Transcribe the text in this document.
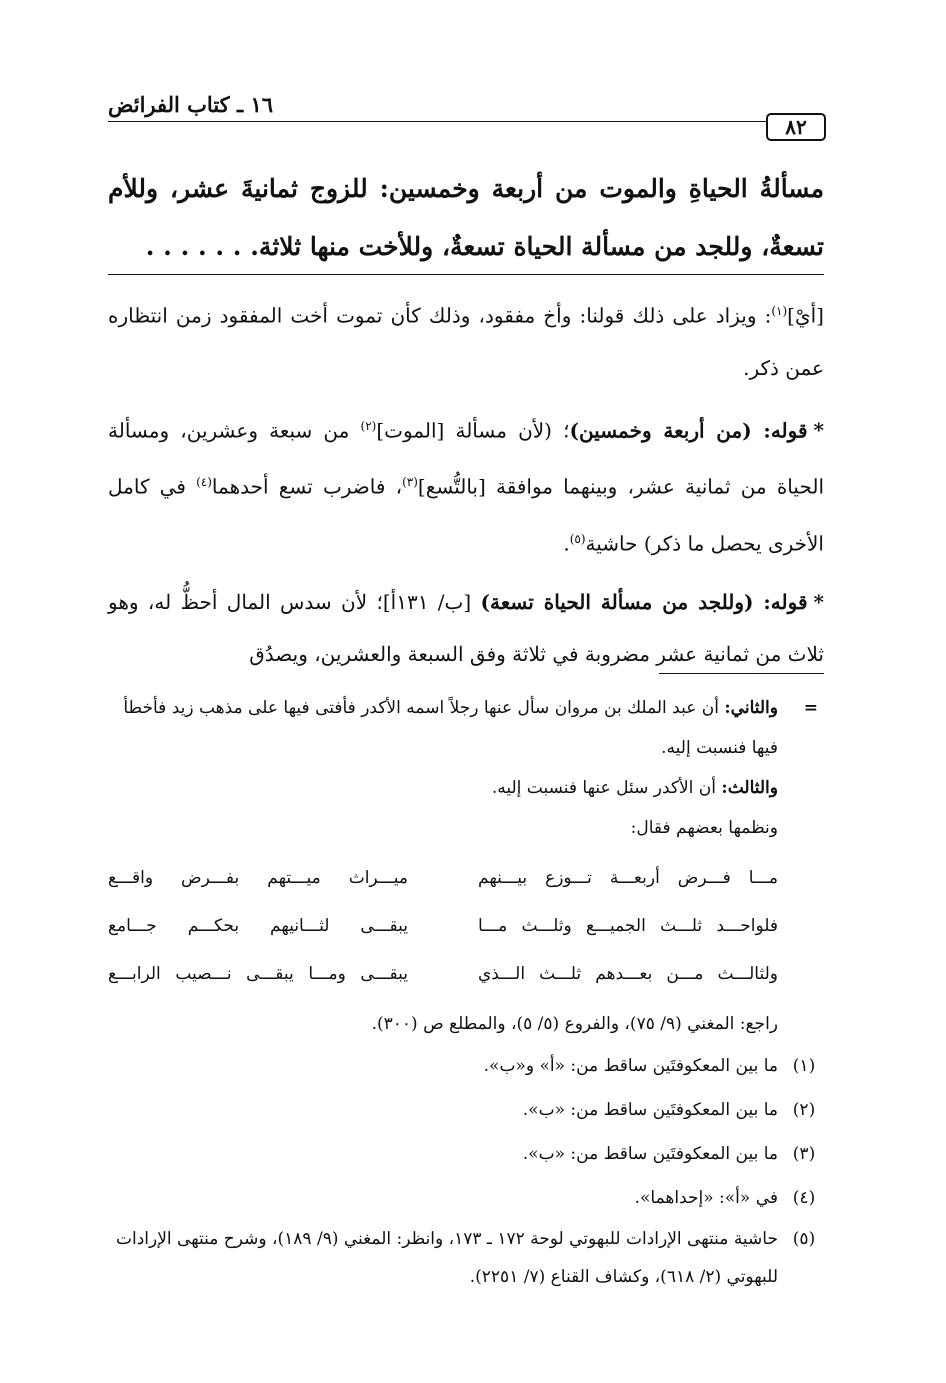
١٦ ـ كتاب الفرائض
٨٢
مسألةُ الحياةِ والموت من أربعة وخمسين: للزوج ثمانيةَ عشر، وللأم تسعةٌ، وللجد من مسألة الحياة تسعةٌ، وللأخت منها ثلاثة. . . . . . .

[أيْ]$^{(١)}$: ويزاد على ذلك قولنا: وأخ مفقود، وذلك كأن تموت أخت المفقود زمن انتظاره عمن ذكر.

*قوله: (من أربعة وخمسين)؛ (لأن مسألة [الموت]$^{(٢)}$ من سبعة وعشرين، ومسألة الحياة من ثمانية عشر، وبينهما موافقة [بالتُّسع]$^{(٣)}$، فاضرب تسع أحدهما$^{(٤)}$ في كامل الأخرى يحصل ما ذكر) حاشية$^{(٥)}$.

*قوله: (وللجد من مسألة الحياة تسعة) [ب/ ١٣١أ]؛ لأن سدس المال أحظُّ له، وهو ثلاث من ثمانية عشر مضروبة في ثلاثة وفق السبعة والعشرين، ويصدُق

=

والثاني: أن عبد الملك بن مروان سأل عنها رجلاً اسمه الأكدر فأفتى فيها على مذهب زيد فأخطأ فيها فنسبت إليه.

والثالث: أن الأكدر سئل عنها فنسبت إليه.

ونظمها بعضهم فقال:

مـــا فـــرض أربعـــة تـــوزع بيـــنهم
ميـــراث ميـــتهم بفـــرض واقـــع
فلواحـــد ثلـــث الجميـــع وثلـــث مـــا
يبقـــى لثـــانيهم بحكـــم جـــامع
ولثالـــث مـــن بعـــدهم ثلـــث الـــذي
يبقـــى ومـــا يبقـــى نـــصيب الرابـــع

راجع: المغني (٩/ ٧٥)، والفروع (٥/ ٥)، والمطلع ص (٣٠٠).

(١)
ما بين المعكوفتَين ساقط من: «أ» و«ب».

(٢)
ما بين المعكوفتَين ساقط من: «ب».

(٣)
ما بين المعكوفتَين ساقط من: «ب».

(٤)
في «أ»: «إحداهما».

(٥)
حاشية منتهى الإرادات للبهوتي لوحة ١٧٢ ـ ١٧٣، وانظر: المغني (٩/ ١٨٩)، وشرح منتهى الإرادات للبهوتي (٢/ ٦١٨)، وكشاف القناع (٧/ ٢٢٥١).
